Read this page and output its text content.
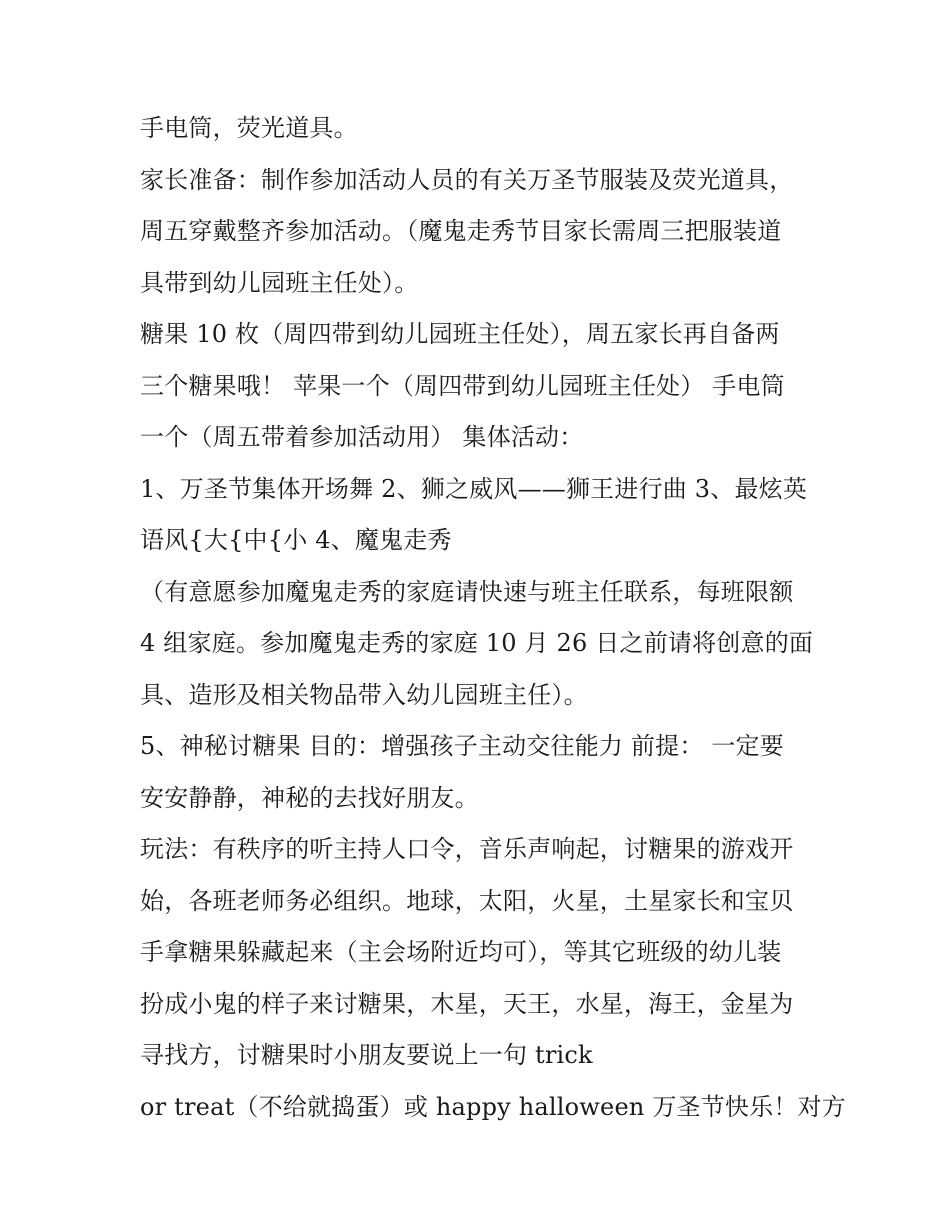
手电筒，荧光道具。
家长准备：制作参加活动人员的有关万圣节服装及荧光道具，
周五穿戴整齐参加活动。（魔鬼走秀节目家长需周三把服装道
具带到幼儿园班主任处）。
糖果 10 枚（周四带到幼儿园班主任处），周五家长再自备两
三个糖果哦！ 苹果一个（周四带到幼儿园班主任处） 手电筒
一个（周五带着参加活动用） 集体活动：
1、万圣节集体开场舞 2、狮之威风——狮王进行曲 3、最炫英
语风{大{中{小 4、魔鬼走秀
（有意愿参加魔鬼走秀的家庭请快速与班主任联系，每班限额
4 组家庭。参加魔鬼走秀的家庭 10 月 26 日之前请将创意的面
具、造形及相关物品带入幼儿园班主任）。
5、神秘讨糖果 目的：增强孩子主动交往能力 前提： 一定要
安安静静，神秘的去找好朋友。
玩法：有秩序的听主持人口令，音乐声响起，讨糖果的游戏开
始，各班老师务必组织。地球，太阳，火星，土星家长和宝贝
手拿糖果躲藏起来（主会场附近均可），等其它班级的幼儿装
扮成小鬼的样子来讨糖果，木星，天王，水星，海王，金星为
寻找方，讨糖果时小朋友要说上一句 trick
or treat（不给就捣蛋）或 happy halloween 万圣节快乐！对方
